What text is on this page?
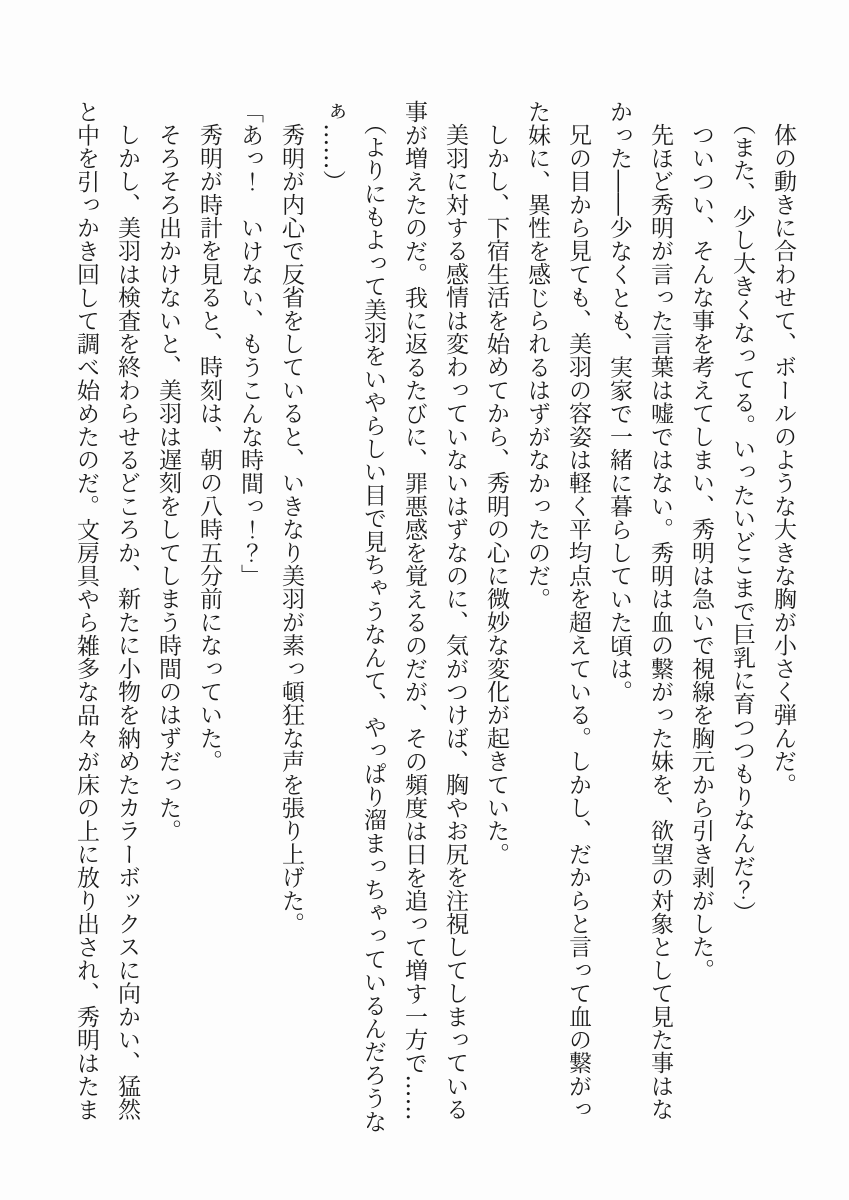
体の動きに合わせて、ボールのような大きな胸が小さく弾んだ。

（また、少し大きくなってる。いったいどこまで巨乳に育つつもりなんだ？）

ついつい、そんな事を考えてしまい、秀明は急いで視線を胸元から引き剥がした。

先ほど秀明が言った言葉は嘘ではない。秀明は血の繋がった妹を、欲望の対象として見た事はな

かった――少なくとも、実家で一緒に暮らしていた頃は。

兄の目から見ても、美羽の容姿は軽く平均点を超えている。しかし、だからと言って血の繋がっ

た妹に、異性を感じられるはずがなかったのだ。

しかし、下宿生活を始めてから、秀明の心に微妙な変化が起きていた。

美羽に対する感情は変わっていないはずなのに、気がつけば、胸やお尻を注視してしまっている

事が増えたのだ。我に返るたびに、罪悪感を覚えるのだが、その頻度は日を追って増す一方で……

（よりにもよって美羽をいやらしい目で見ちゃうなんて、やっぱり溜まっちゃっているんだろうな

ぁ……）

秀明が内心で反省をしていると、いきなり美羽が素っ頓狂な声を張り上げた。

「あっ！　いけない、もうこんな時間っ！？」

秀明が時計を見ると、時刻は、朝の八時五分前になっていた。

そろそろ出かけないと、美羽は遅刻をしてしまう時間のはずだった。

しかし、美羽は検査を終わらせるどころか、新たに小物を納めたカラーボックスに向かい、猛然

と中を引っかき回して調べ始めたのだ。文房具やら雑多な品々が床の上に放り出され、秀明はたま
